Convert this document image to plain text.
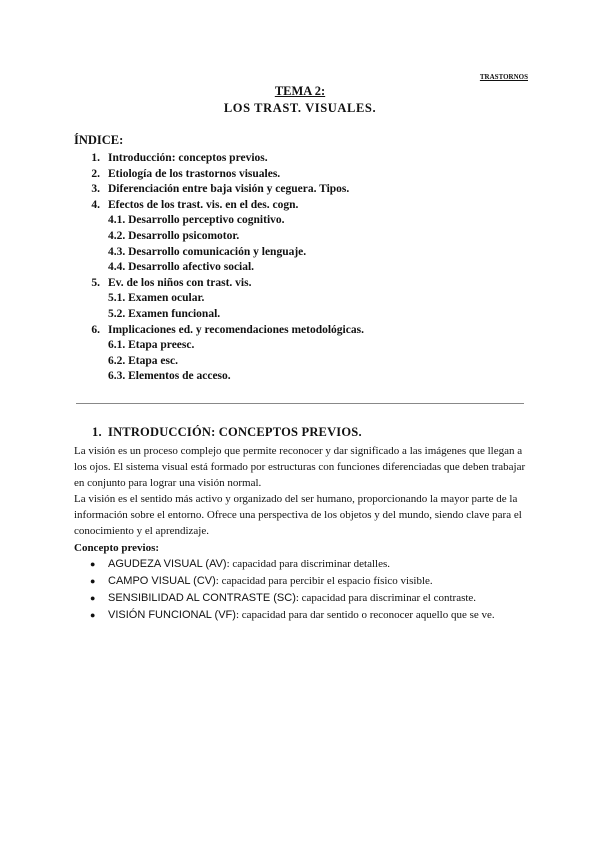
TRASTORNOS
TEMA 2:
LOS TRAST. VISUALES.
ÍNDICE:
1. Introducción: conceptos previos.
2. Etiología de los trastornos visuales.
3. Diferenciación entre baja visión y ceguera. Tipos.
4. Efectos de los trast. vis. en el des. cogn.
4.1. Desarrollo perceptivo cognitivo.
4.2. Desarrollo psicomotor.
4.3. Desarrollo comunicación y lenguaje.
4.4. Desarrollo afectivo social.
5. Ev. de los niños con trast. vis.
5.1. Examen ocular.
5.2. Examen funcional.
6. Implicaciones ed. y recomendaciones metodológicas.
6.1. Etapa preesc.
6.2. Etapa esc.
6.3. Elementos de acceso.
1. INTRODUCCIÓN: CONCEPTOS PREVIOS.
La visión es un proceso complejo que permite reconocer y dar significado a las imágenes que llegan a los ojos. El sistema visual está formado por estructuras con funciones diferenciadas que deben trabajar en conjunto para lograr una visión normal.
La visión es el sentido más activo y organizado del ser humano, proporcionando la mayor parte de la información sobre el entorno. Ofrece una perspectiva de los objetos y del mundo, siendo clave para el conocimiento y el aprendizaje.
Concepto previos:
●	AGUDEZA VISUAL (AV): capacidad para discriminar detalles.
●	CAMPO VISUAL (CV): capacidad para percibir el espacio físico visible.
●	SENSIBILIDAD AL CONTRASTE (SC): capacidad para discriminar el contraste.
●	VISIÓN FUNCIONAL (VF): capacidad para dar sentido o reconocer aquello que se ve.
